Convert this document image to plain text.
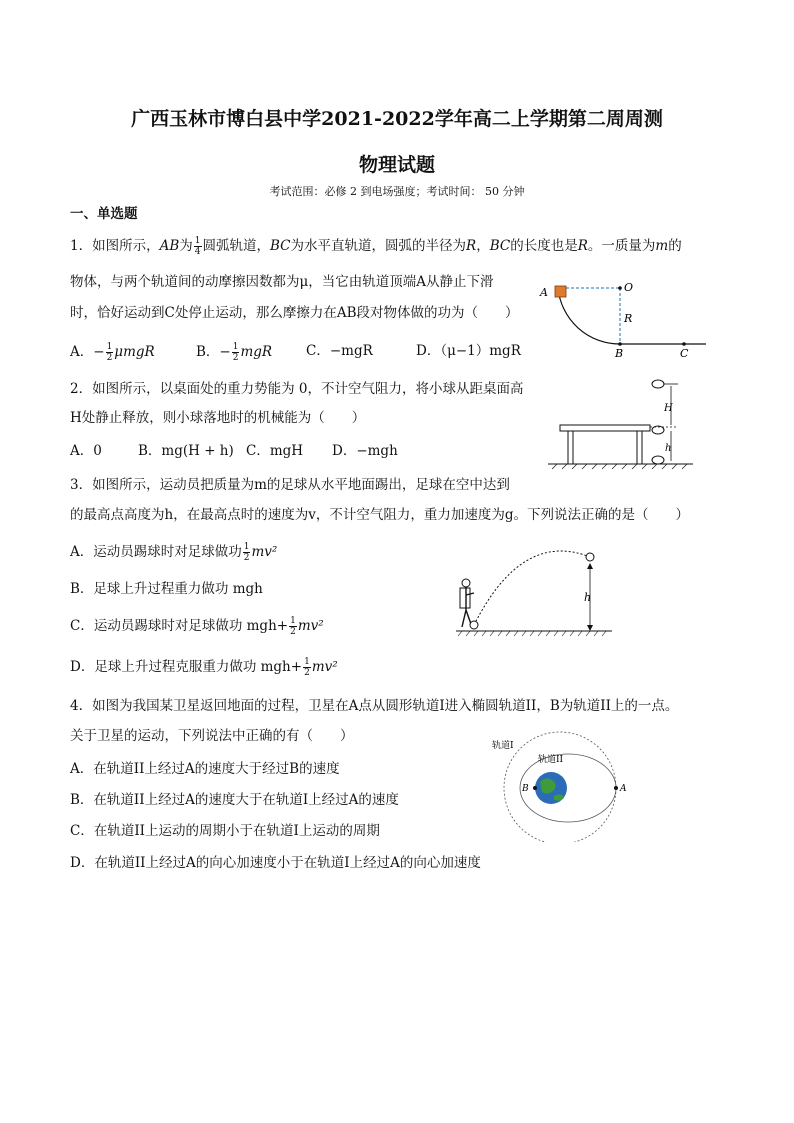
广西玉林市博白县中学2021-2022学年高二上学期第二周周测
物理试题
考试范围：必修 2 到电场强度；考试时间： 50 分钟
一、单选题
1．如图所示，AB为 $\frac{1}{4}$ 圆弧轨道，BC为水平直轨道，圆弧的半径为R，BC的长度也是R。一质量为m的
物体，与两个轨道间的动摩擦因数都为μ，当它由轨道顶端A从静止下滑
时，恰好运动到C处停止运动，那么摩擦力在AB段对物体做的功为（　　）
A．− $\frac{1}{2}$ μmgR	B．− $\frac{1}{2}$ mgR	C．−mgR	D．（μ−1）mgR
A	O
R
B	C
2．如图所示，以桌面处的重力势能为 0，不计空气阻力，将小球从距桌面高
H处静止释放，则小球落地时的机械能为（　　）
A．0	B．mg(H + h) C．mgH D．−mgh
H
h
3．如图所示，运动员把质量为m的足球从水平地面踢出，足球在空中达到
的最高点高度为h，在最高点时的速度为v，不计空气阻力，重力加速度为g。下列说法正确的是（　　）
A．运动员踢球时对足球做功 $\frac{1}{2} mv^2$
B．足球上升过程重力做功 mgh
C．运动员踢球时对足球做功 $mgh+ \frac{1}{2} mv^2$
D．足球上升过程克服重力做功 $mgh+ \frac{1}{2} mv^2$
h
4．如图为我国某卫星返回地面的过程，卫星在A点从圆形轨道I进入椭圆轨道II，B为轨道II上的一点。
关于卫星的运动，下列说法中正确的有（　　）
A．在轨道II上经过A的速度大于经过B的速度
B．在轨道II上经过A的速度大于在轨道I上经过A的速度
C．在轨道II上运动的周期小于在轨道I上运动的周期
D．在轨道II上经过A的向心加速度小于在轨道I上经过A的向心加速度
B	A
轨道I
轨道II
